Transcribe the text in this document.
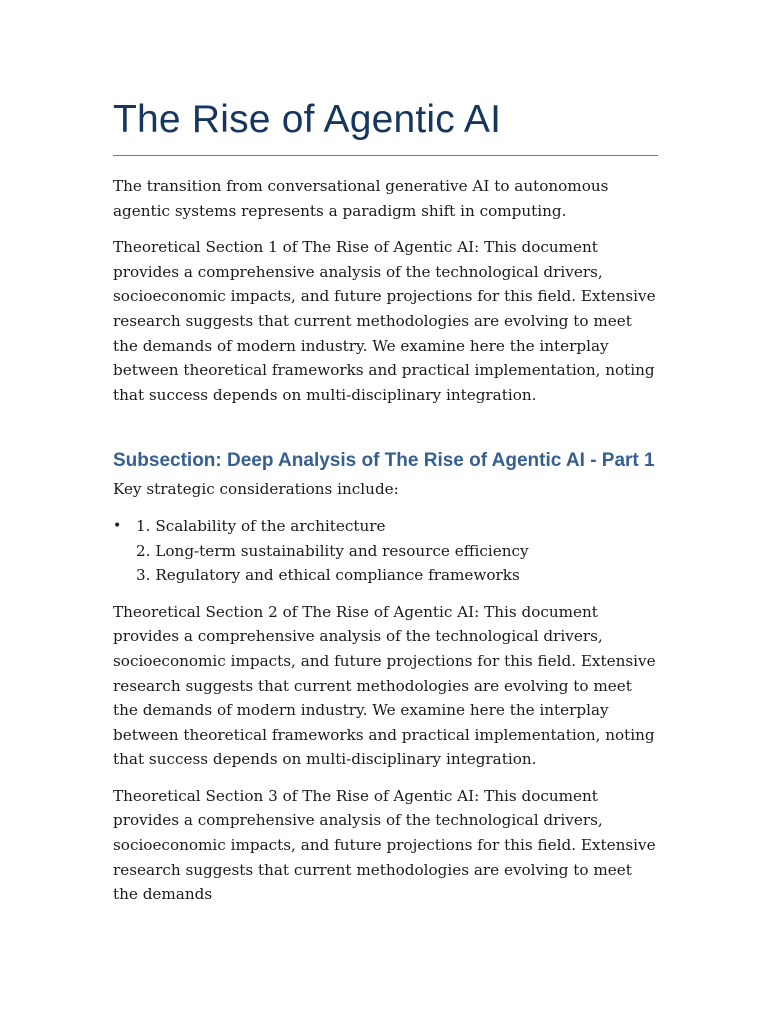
The Rise of Agentic AI

The transition from conversational generative AI to autonomous agentic systems represents a paradigm shift in computing.

Theoretical Section 1 of The Rise of Agentic AI: This document provides a comprehensive analysis of the technological drivers, socioeconomic impacts, and future projections for this field. Extensive research suggests that current methodologies are evolving to meet the demands of modern industry. We examine here the interplay between theoretical frameworks and practical implementation, noting that success depends on multi-disciplinary integration.

Subsection: Deep Analysis of The Rise of Agentic AI - Part 1

Key strategic considerations include:

• 1. Scalability of the architecture
2. Long-term sustainability and resource efficiency
3. Regulatory and ethical compliance frameworks

Theoretical Section 2 of The Rise of Agentic AI: This document provides a comprehensive analysis of the technological drivers, socioeconomic impacts, and future projections for this field. Extensive research suggests that current methodologies are evolving to meet the demands of modern industry. We examine here the interplay between theoretical frameworks and practical implementation, noting that success depends on multi-disciplinary integration.

Theoretical Section 3 of The Rise of Agentic AI: This document provides a comprehensive analysis of the technological drivers, socioeconomic impacts, and future projections for this field. Extensive research suggests that current methodologies are evolving to meet the demands
